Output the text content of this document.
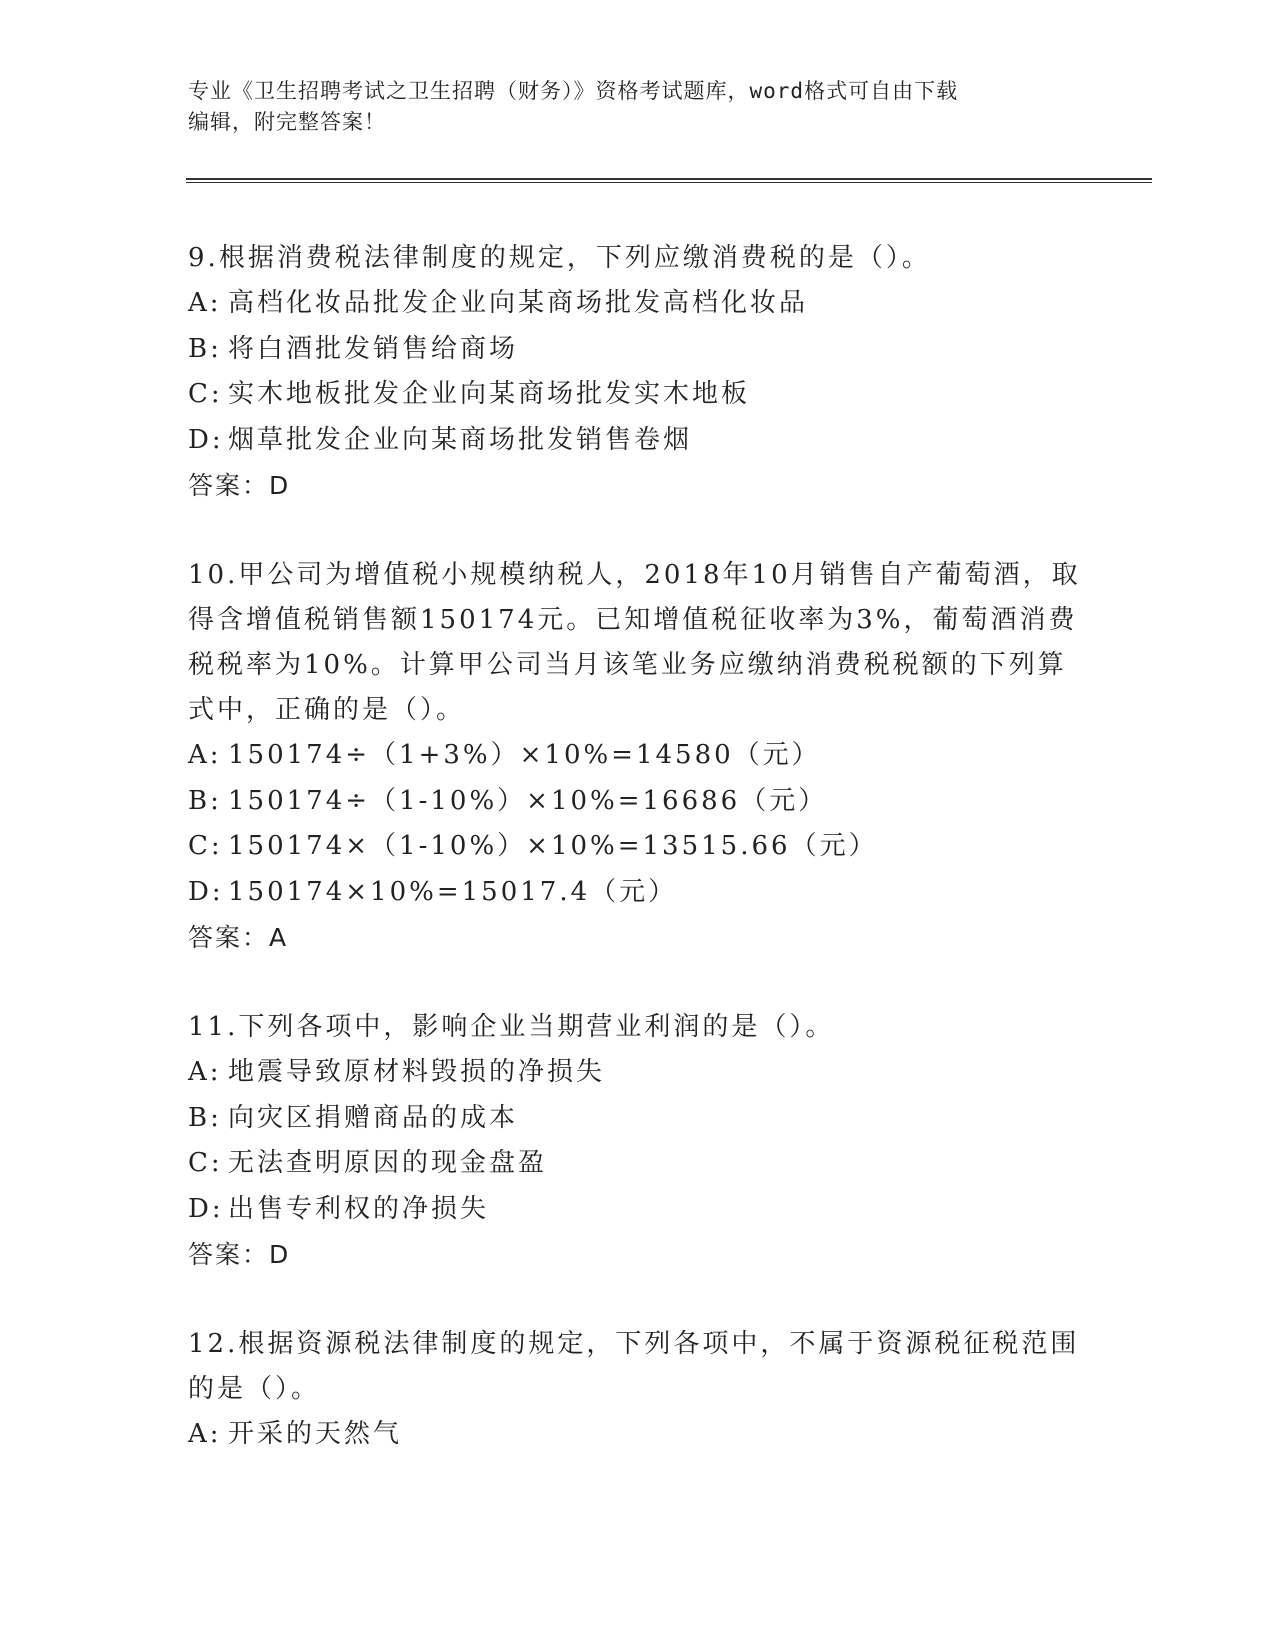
专业《卫生招聘考试之卫生招聘（财务）》资格考试题库，word格式可自由下载
编辑，附完整答案！

9.根据消费税法律制度的规定，下列应缴消费税的是（）。

A: 高档化妆品批发企业向某商场批发高档化妆品

B: 将白酒批发销售给商场

C: 实木地板批发企业向某商场批发实木地板

D: 烟草批发企业向某商场批发销售卷烟

答案：D

10.甲公司为增值税小规模纳税人，2018年10月销售自产葡萄酒，取得含增值税销售额150174元。已知增值税征收率为3%，葡萄酒消费税税率为10%。计算甲公司当月该笔业务应缴纳消费税税额的下列算式中，正确的是（）。

A: 150174÷（1+3%）×10%=14580（元）

B: 150174÷（1-10%）×10%=16686（元）

C: 150174×（1-10%）×10%=13515.66（元）

D: 150174×10%=15017.4（元）

答案：A

11.下列各项中，影响企业当期营业利润的是（）。

A: 地震导致原材料毁损的净损失

B: 向灾区捐赠商品的成本

C: 无法查明原因的现金盘盈

D: 出售专利权的净损失

答案：D

12.根据资源税法律制度的规定，下列各项中，不属于资源税征税范围的是（）。

A: 开采的天然气
